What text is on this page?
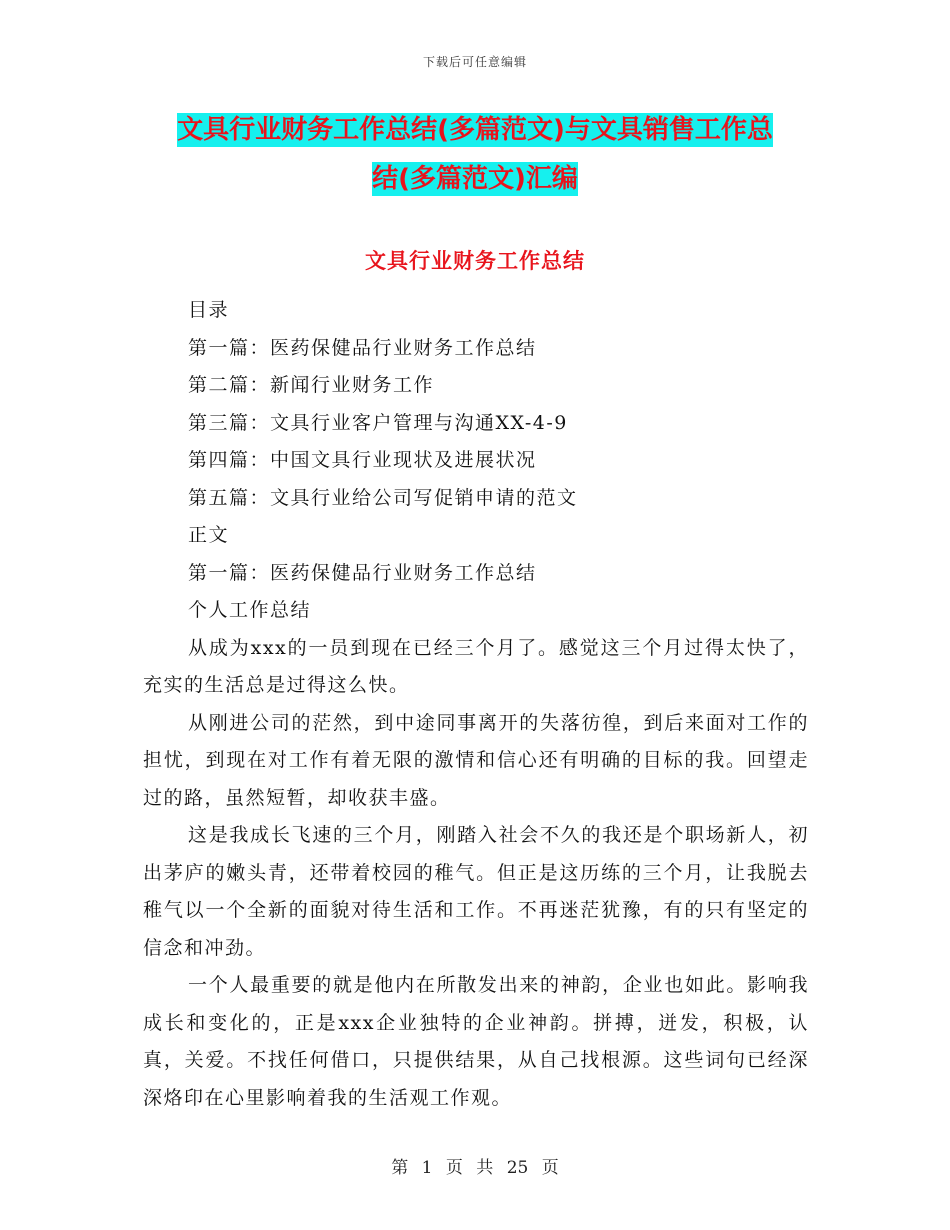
下载后可任意编辑
文具行业财务工作总结(多篇范文)与文具销售工作总
结(多篇范文)汇编
文具行业财务工作总结

目录

第一篇：医药保健品行业财务工作总结

第二篇：新闻行业财务工作

第三篇：文具行业客户管理与沟通XX-4-9

第四篇：中国文具行业现状及进展状况

第五篇：文具行业给公司写促销申请的范文

正文

第一篇：医药保健品行业财务工作总结

个人工作总结

从成为xxx的一员到现在已经三个月了。感觉这三个月过得太快了，充实的生活总是过得这么快。

从刚进公司的茫然，到中途同事离开的失落彷徨，到后来面对工作的担忧，到现在对工作有着无限的激情和信心还有明确的目标的我。回望走过的路，虽然短暂，却收获丰盛。

这是我成长飞速的三个月，刚踏入社会不久的我还是个职场新人，初出茅庐的嫩头青，还带着校园的稚气。但正是这历练的三个月，让我脱去稚气以一个全新的面貌对待生活和工作。不再迷茫犹豫，有的只有坚定的信念和冲劲。

一个人最重要的就是他内在所散发出来的神韵，企业也如此。影响我成长和变化的，正是xxx企业独特的企业神韵。拼搏，迸发，积极，认真，关爱。不找任何借口，只提供结果，从自己找根源。这些词句已经深深烙印在心里影响着我的生活观工作观。

第 1 页 共 25 页
